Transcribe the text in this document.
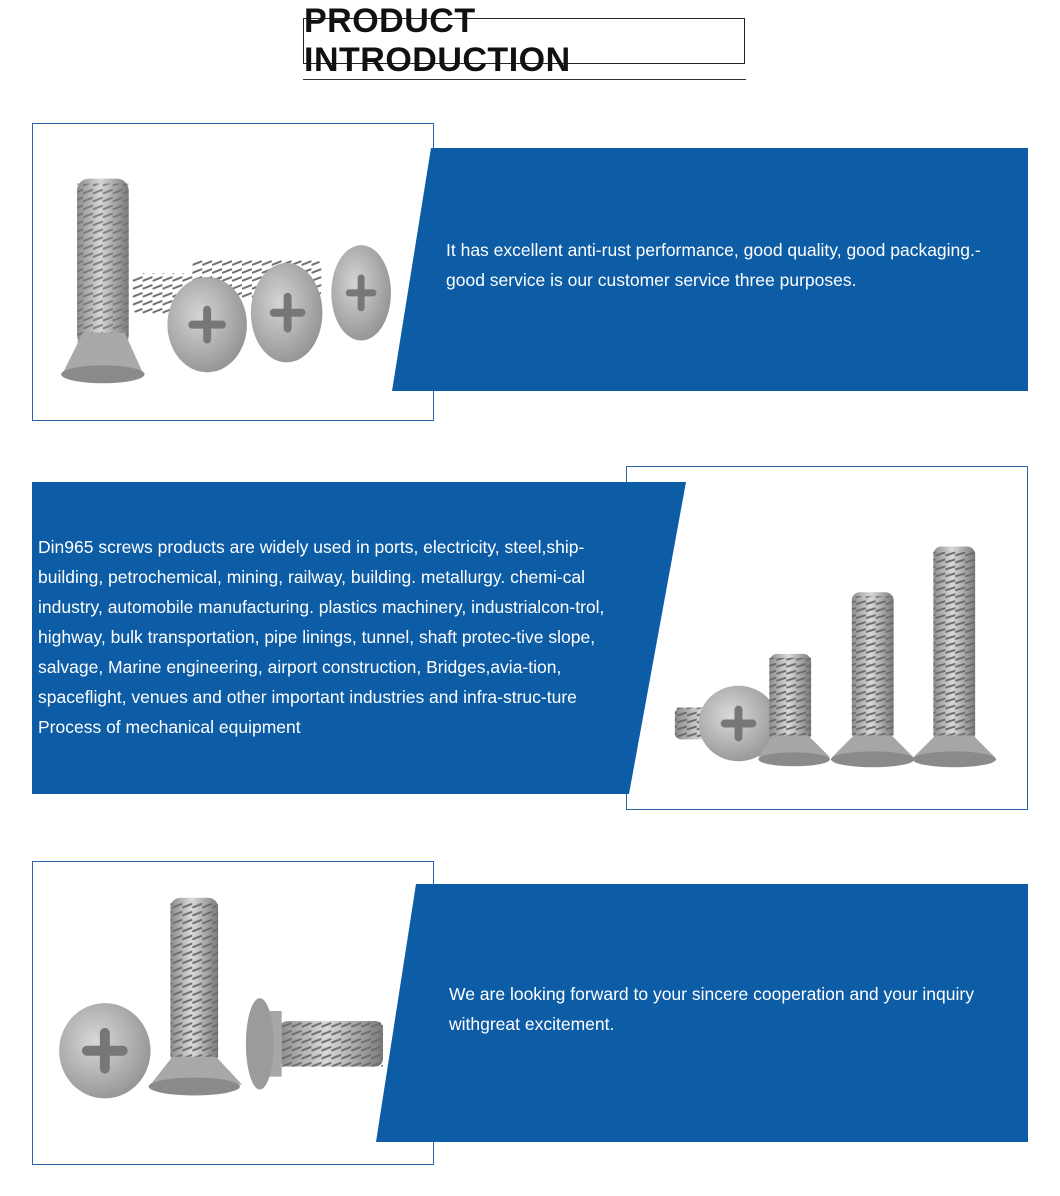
PRODUCT INTRODUCTION
It has excellent anti-rust performance, good quality, good packaging.-good service is our customer service three purposes.
Din965 screws products are widely used in ports, electricity, steel,ship-building, petrochemical, mining, railway, building. metallurgy. chemi-cal industry, automobile manufacturing. plastics machinery, industrialcon-trol, highway, bulk transportation, pipe linings, tunnel, shaft protec-tive slope, salvage, Marine engineering, airport construction, Bridges,avia-tion, spaceflight, venues and other important industries and infra-struc-ture Process of mechanical equipment
We are looking forward to your sincere cooperation and your inquiry withgreat excitement.
